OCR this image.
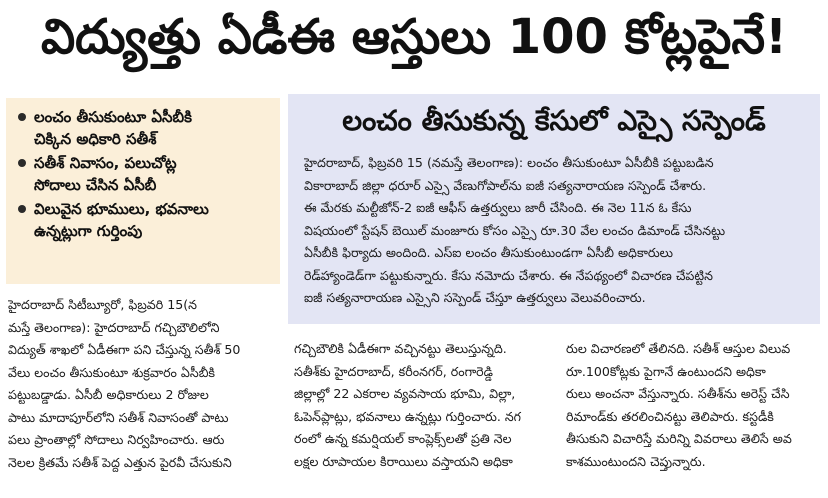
విద్యుత్తు ఏడీఈ ఆస్తులు 100 కోట్లపైనే!
లంచం తీసుకుంటూ ఏసీబీకి
చిక్కిన అధికారి సతీశ్
సతీశ్ నివాసం, పలుచోట్ల
సోదాలు చేసిన ఏసీబీ
విలువైన భూములు, భవనాలు
ఉన్నట్లుగా గుర్తింపు
లంచం తీసుకున్న కేసులో ఎస్సై సస్పెండ్
హైదరాబాద్, ఫిబ్రవరి 15 (నమస్తే తెలంగాణ): లంచం తీసుకుంటూ ఏసీబీకి పట్టుబడిన
వికారాబాద్ జిల్లా ధరూర్ ఎస్సై వేణుగోపాల్‌ను ఐజీ సత్యనారాయణ సస్పెండ్ చేశారు.
ఈ మేరకు మల్టీజోన్-2 ఐజీ ఆఫీస్ ఉత్తర్వులు జారీ చేసింది. ఈ నెల 11న ఓ కేసు
విషయంలో స్టేషన్ బెయిల్ మంజూరు కోసం ఎస్సై రూ.30 వేల లంచం డిమాండ్ చేసినట్టు
ఏసీబీకి ఫిర్యాదు అందింది. ఎస్ఐ లంచం తీసుకుంటుండగా ఏసీబీ అధికారులు
రెడ్‌హ్యాండెడ్‌గా పట్టుకున్నారు. కేసు నమోదు చేశారు. ఈ నేపథ్యంలో విచారణ చేపట్టిన
ఐజీ సత్యనారాయణ ఎస్సైని సస్పెండ్ చేస్తూ ఉత్తర్వులు వెలువరించారు.
హైదరాబాద్ సిటీబ్యూరో, ఫిబ్రవరి 15(న
మస్తే తెలంగాణ): హైదరాబాద్ గచ్చిబౌలిలోని
విద్యుత్ శాఖలో ఏడీఈగా పని చేస్తున్న సతీశ్ 50
వేలు లంచం తీసుకుంటూ శుక్రవారం ఏసీబీకి
పట్టుబడ్డాడు. ఏసీబీ అధికారులు 2 రోజుల
పాటు మాదాపూర్‌లోని సతీశ్ నివాసంతో పాటు
పలు ప్రాంతాల్లో సోదాలు నిర్వహించారు. ఆరు
నెలల క్రితమే సతీశ్ పెద్ద ఎత్తున పైరవీ చేసుకుని
గచ్చిబౌలికి ఏడీఈగా వచ్చినట్టు తెలుస్తున్నది.
సతీశ్‌కు హైదరాబాద్, కరీంనగర్, రంగారెడ్డి
జిల్లాల్లో 22 ఎకరాల వ్యవసాయ భూమి, విల్లా,
ఓపెన్‌ప్లాట్లు, భవనాలు ఉన్నట్లు గుర్తించారు. నగ
రంలో ఉన్న కమర్షియల్ కాంప్లెక్స్‌లతో ప్రతి నెల
లక్షల రూపాయల కిరాయిలు వస్తాయని అధికా
రుల విచారణలో తేలినది. సతీశ్ ఆస్తుల విలువ
రూ.100కోట్లకు పైగానే ఉంటుందని అధికా
రులు అంచనా వేస్తున్నారు. సతీశ్‌ను అరెస్ట్ చేసి
రిమాండ్‌కు తరలించినట్టు తెలిపారు. కస్టడీకి
తీసుకుని విచారిస్తే మరిన్ని వివరాలు తెలిసే అవ
కాశముంటుందని చెప్తున్నారు.
